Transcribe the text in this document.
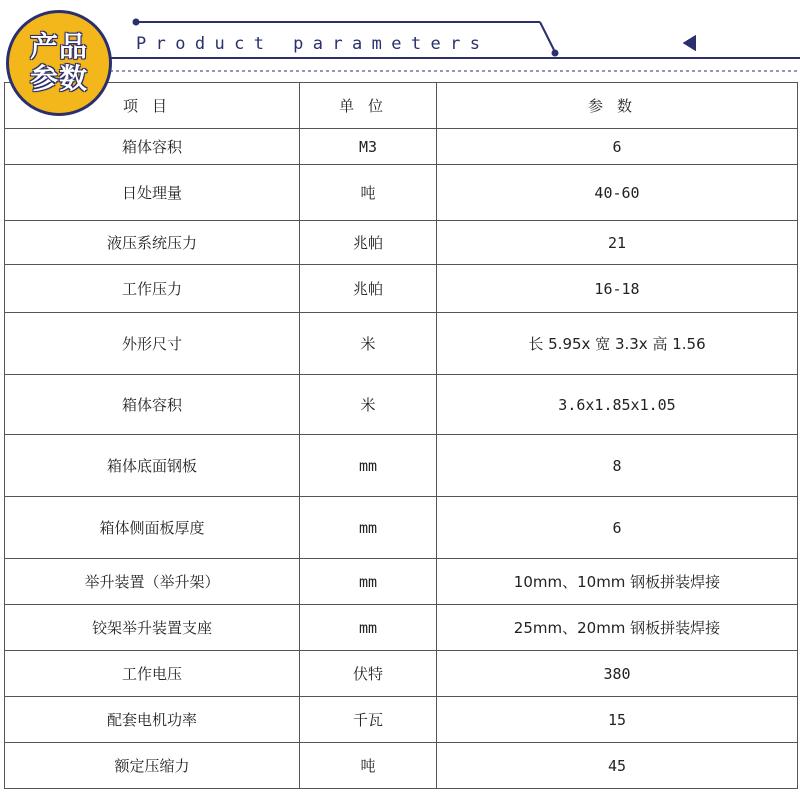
Product parameters
产品
参数
项目	单位	参数
箱体容积	M3	6
日处理量	吨	40-60
液压系统压力	兆帕	21
工作压力	兆帕	16-18
外形尺寸	米	长 5.95x 宽 3.3x 高 1.56
箱体容积	米	3.6x1.85x1.05
箱体底面钢板	mm	8
箱体侧面板厚度	mm	6
举升装置（举升架）	mm	10mm、10mm 钢板拼装焊接
铰架举升装置支座	mm	25mm、20mm 钢板拼装焊接
工作电压	伏特	380
配套电机功率	千瓦	15
额定压缩力	吨	45
